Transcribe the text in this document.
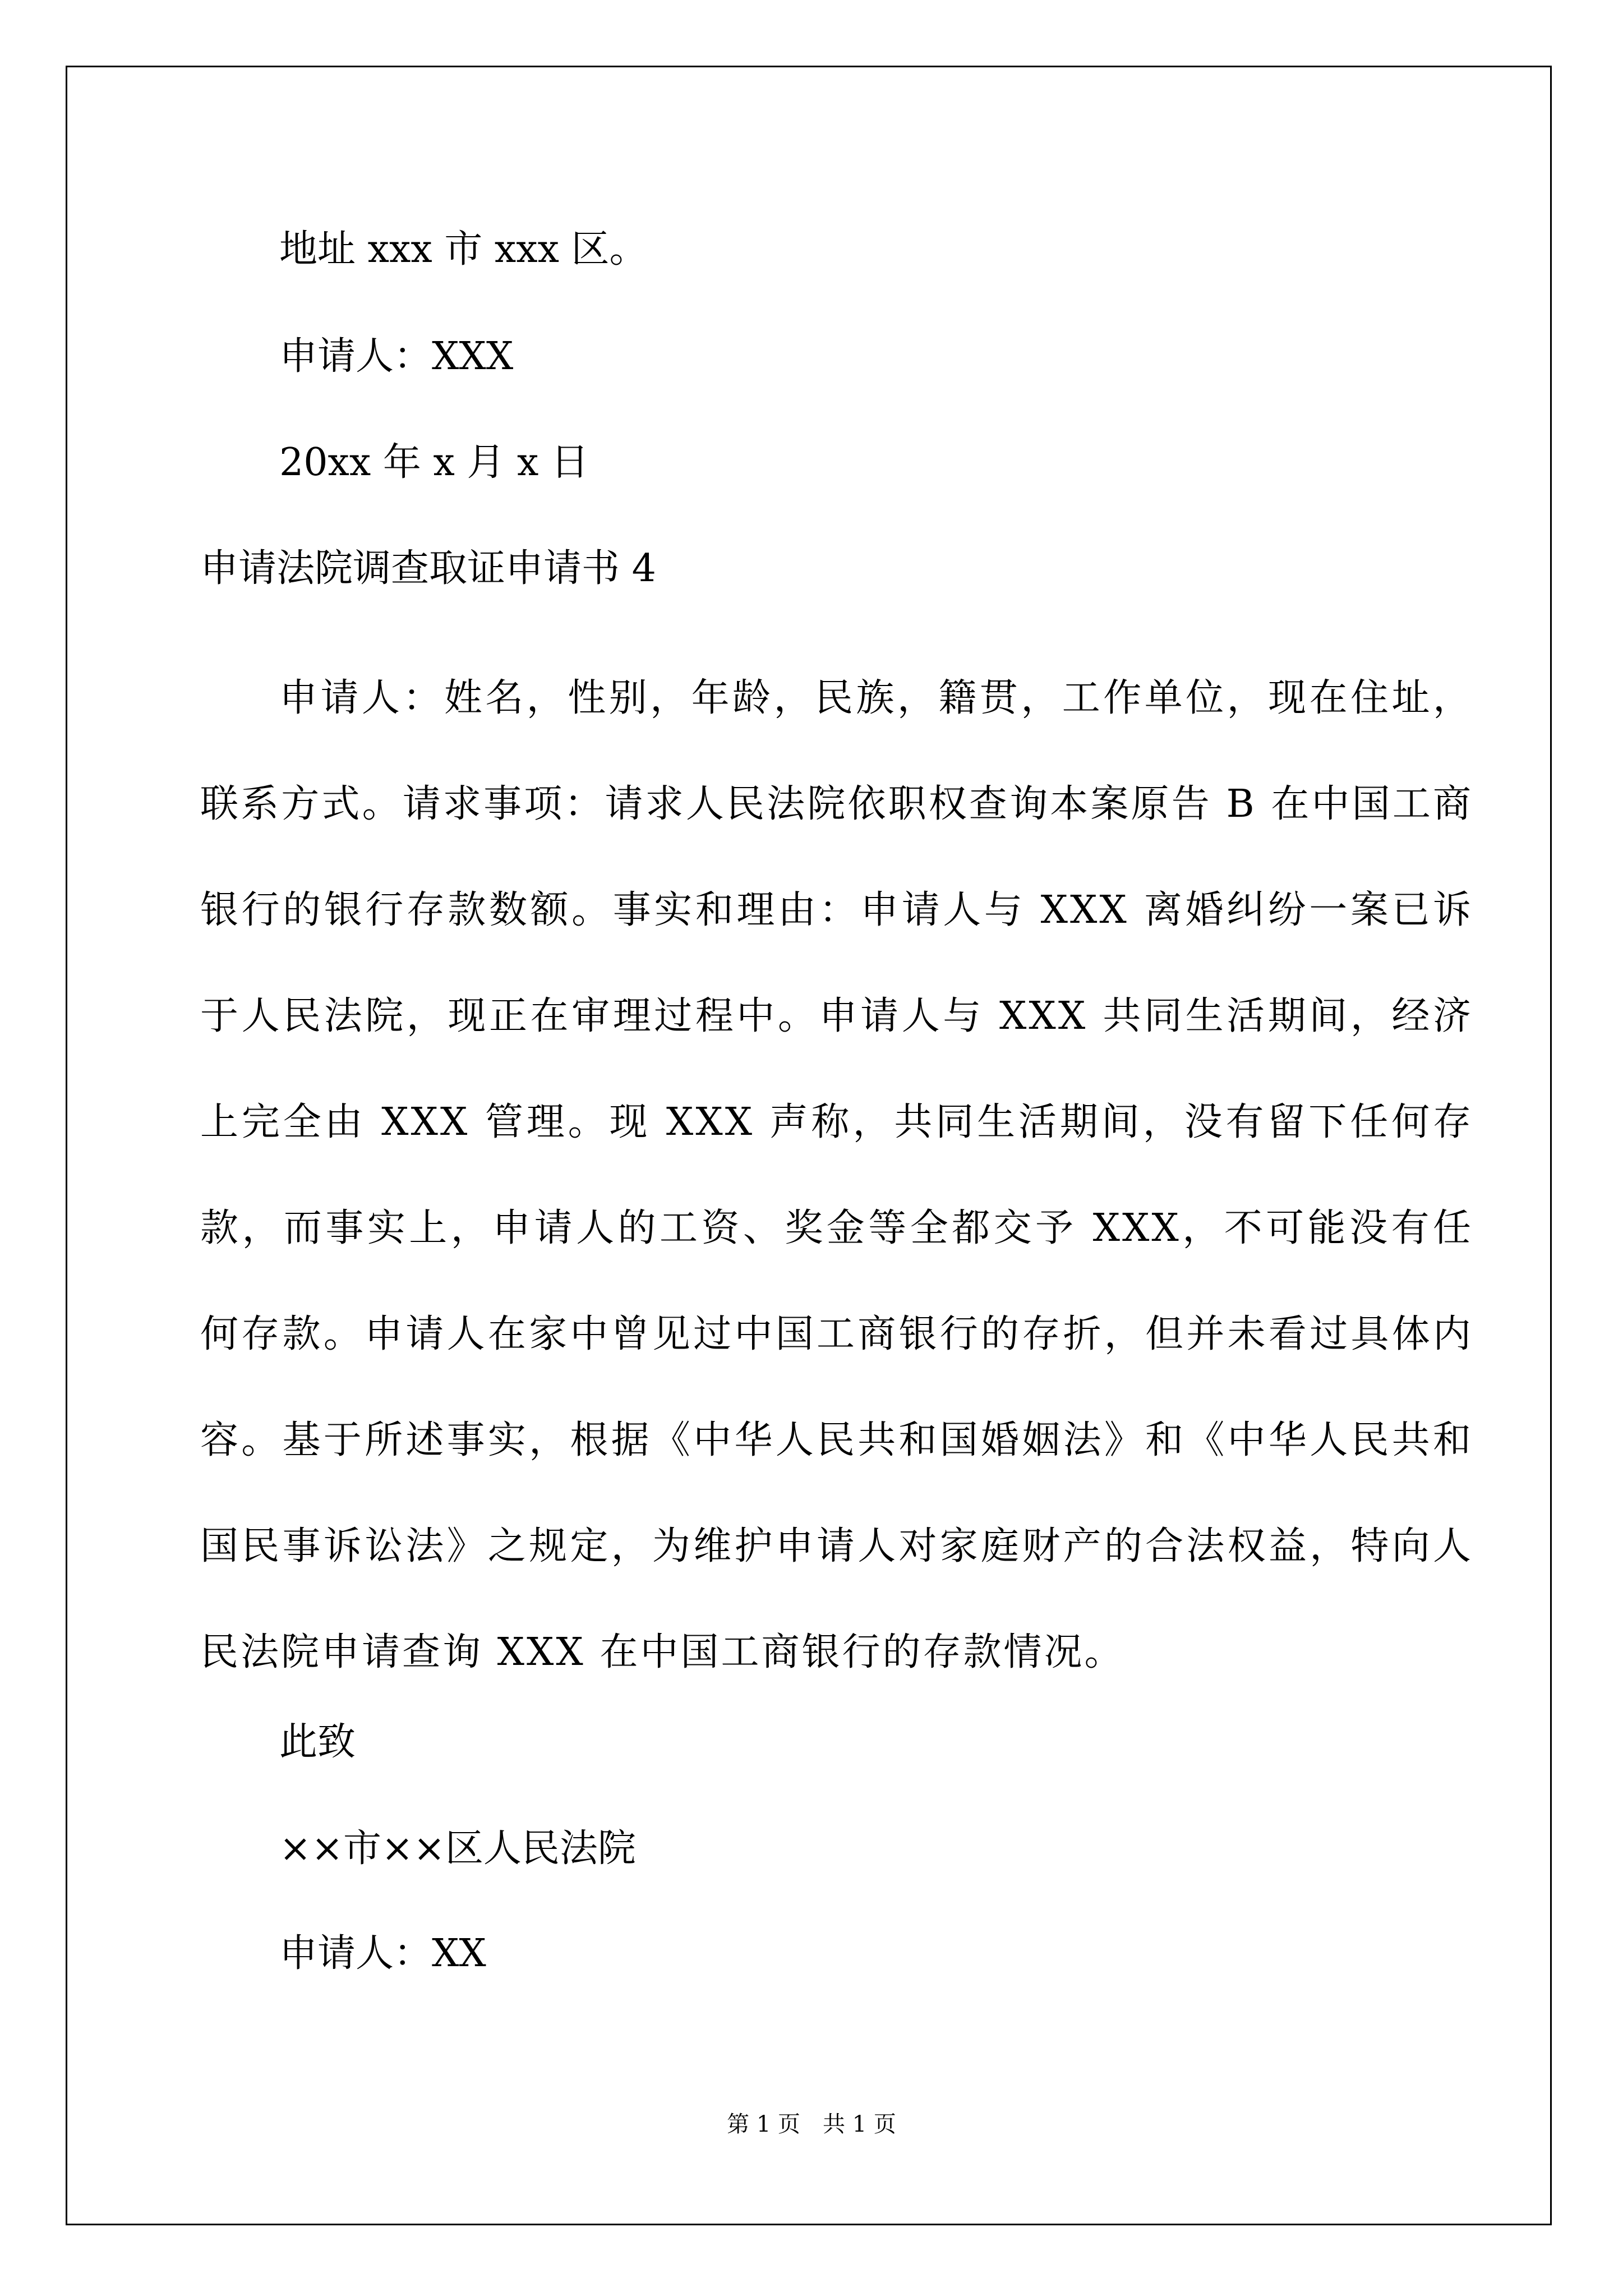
地址 xxx 市 xxx 区。
申请人：XXX
20xx 年 x 月 x 日
申请法院调查取证申请书 4
申请人：姓名，性别，年龄，民族，籍贯，工作单位，现在住址，联系方式。请求事项：请求人民法院依职权查询本案原告 B 在中国工商银行的银行存款数额。事实和理由：申请人与 XXX 离婚纠纷一案已诉于人民法院，现正在审理过程中。申请人与 XXX 共同生活期间，经济上完全由 XXX 管理。现 XXX 声称，共同生活期间，没有留下任何存款，而事实上，申请人的工资、奖金等全都交予 XXX，不可能没有任何存款。申请人在家中曾见过中国工商银行的存折，但并未看过具体内容。基于所述事实，根据《中华人民共和国婚姻法》和《中华人民共和国民事诉讼法》之规定，为维护申请人对家庭财产的合法权益，特向人民法院申请查询 XXX 在中国工商银行的存款情况。
此致
××市××区人民法院
申请人：XX
第 1 页　共 1 页
